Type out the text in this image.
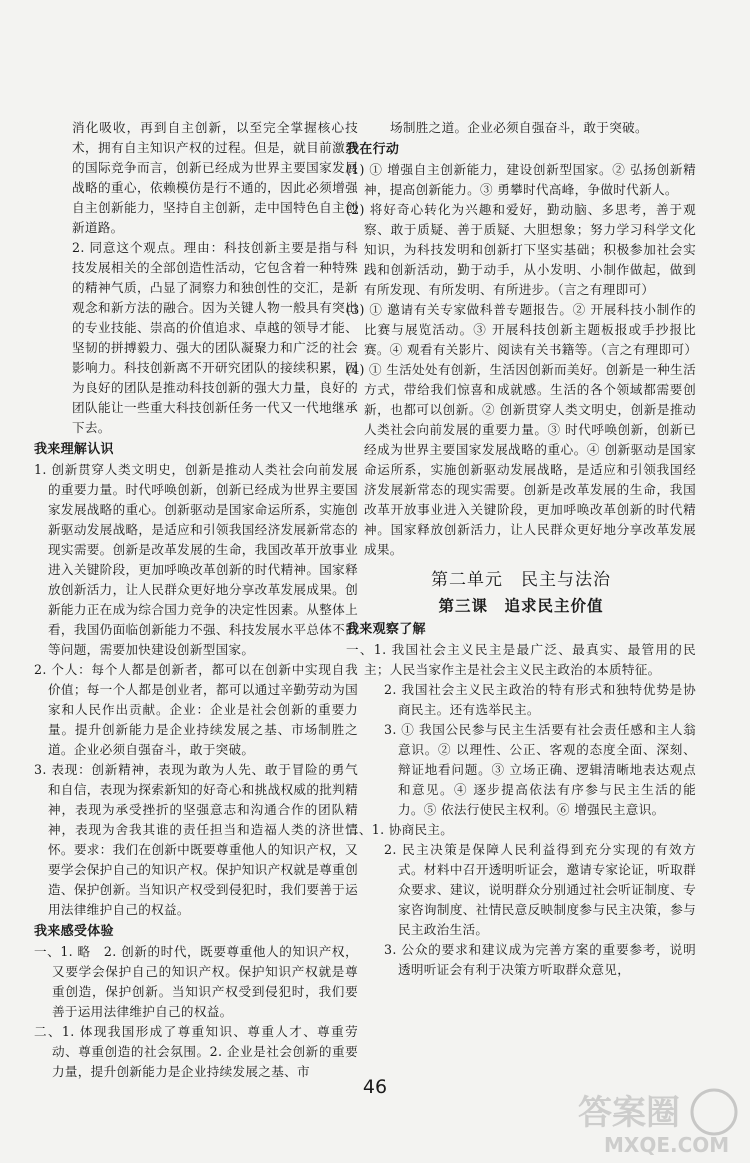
消化吸收，再到自主创新，以至完全掌握核心技术，拥有自主知识产权的过程。但是，就目前激烈的国际竞争而言，创新已经成为世界主要国家发展战略的重心，依赖模仿是行不通的，因此必须增强自主创新能力，坚持自主创新，走中国特色自主创新道路。

2. 同意这个观点。理由：科技创新主要是指与科技发展相关的全部创造性活动，它包含着一种特殊的精神气质，凸显了洞察力和独创性的交汇，是新观念和新方法的融合。因为关键人物一般具有突出的专业技能、崇高的价值追求、卓越的领导才能、坚韧的拼搏毅力、强大的团队凝聚力和广泛的社会影响力。科技创新离不开研究团队的接续积累，因为良好的团队是推动科技创新的强大力量，良好的团队能让一些重大科技创新任务一代又一代地继承下去。

我来理解认识

1. 创新贯穿人类文明史，创新是推动人类社会向前发展的重要力量。时代呼唤创新，创新已经成为世界主要国家发展战略的重心。创新驱动是国家命运所系，实施创新驱动发展战略，是适应和引领我国经济发展新常态的现实需要。创新是改革发展的生命，我国改革开放事业进入关键阶段，更加呼唤改革创新的时代精神。国家释放创新活力，让人民群众更好地分享改革发展成果。创新能力正在成为综合国力竞争的决定性因素。从整体上看，我国仍面临创新能力不强、科技发展水平总体不高等问题，需要加快建设创新型国家。

2. 个人：每个人都是创新者，都可以在创新中实现自我价值；每一个人都是创业者，都可以通过辛勤劳动为国家和人民作出贡献。企业：企业是社会创新的重要力量。提升创新能力是企业持续发展之基、市场制胜之道。企业必须自强奋斗，敢于突破。

3. 表现：创新精神，表现为敢为人先、敢于冒险的勇气和自信，表现为探索新知的好奇心和挑战权威的批判精神，表现为承受挫折的坚强意志和沟通合作的团队精神，表现为舍我其谁的责任担当和造福人类的济世情怀。要求：我们在创新中既要尊重他人的知识产权，又要学会保护自己的知识产权。保护知识产权就是尊重创造、保护创新。当知识产权受到侵犯时，我们要善于运用法律维护自己的权益。

我来感受体验

一、1. 略　2. 创新的时代，既要尊重他人的知识产权，又要学会保护自己的知识产权。保护知识产权就是尊重创造，保护创新。当知识产权受到侵犯时，我们要善于运用法律维护自己的权益。

二、1. 体现我国形成了尊重知识、尊重人才、尊重劳动、尊重创造的社会氛围。2. 企业是社会创新的重要力量，提升创新能力是企业持续发展之基、市

场制胜之道。企业必须自强奋斗，敢于突破。

我在行动

(1) ① 增强自主创新能力，建设创新型国家。② 弘扬创新精神，提高创新能力。③ 勇攀时代高峰，争做时代新人。

(2) 将好奇心转化为兴趣和爱好，勤动脑、多思考，善于观察、敢于质疑、善于质疑、大胆想象；努力学习科学文化知识，为科技发明和创新打下坚实基础；积极参加社会实践和创新活动，勤于动手，从小发明、小制作做起，做到有所发现、有所发明、有所进步。（言之有理即可）

(3) ① 邀请有关专家做科普专题报告。② 开展科技小制作的比赛与展览活动。③ 开展科技创新主题板报或手抄报比赛。④ 观看有关影片、阅读有关书籍等。（言之有理即可）

(4) ① 生活处处有创新，生活因创新而美好。创新是一种生活方式，带给我们惊喜和成就感。生活的各个领域都需要创新，也都可以创新。② 创新贯穿人类文明史，创新是推动人类社会向前发展的重要力量。③ 时代呼唤创新，创新已经成为世界主要国家发展战略的重心。④ 创新驱动是国家命运所系，实施创新驱动发展战略，是适应和引领我国经济发展新常态的现实需要。创新是改革发展的生命，我国改革开放事业进入关键阶段，更加呼唤改革创新的时代精神。国家释放创新活力，让人民群众更好地分享改革发展成果。

第二单元　民主与法治

第三课　追求民主价值

我来观察了解

一、1. 我国社会主义民主是最广泛、最真实、最管用的民主；人民当家作主是社会主义民主政治的本质特征。

2. 我国社会主义民主政治的特有形式和独特优势是协商民主。还有选举民主。

3. ① 我国公民参与民主生活要有社会责任感和主人翁意识。② 以理性、公正、客观的态度全面、深刻、辩证地看问题。③ 立场正确、逻辑清晰地表达观点和意见。④ 逐步提高依法有序参与民主生活的能力。⑤ 依法行使民主权利。⑥ 增强民主意识。

二、1. 协商民主。

2. 民主决策是保障人民利益得到充分实现的有效方式。材料中召开透明听证会，邀请专家论证，听取群众要求、建议，说明群众分别通过社会听证制度、专家咨询制度、社情民意反映制度参与民主决策，参与民主政治生活。

3. 公众的要求和建议成为完善方案的重要参考，说明透明听证会有利于决策方听取群众意见，

46
答案圈
MXQE.COM
